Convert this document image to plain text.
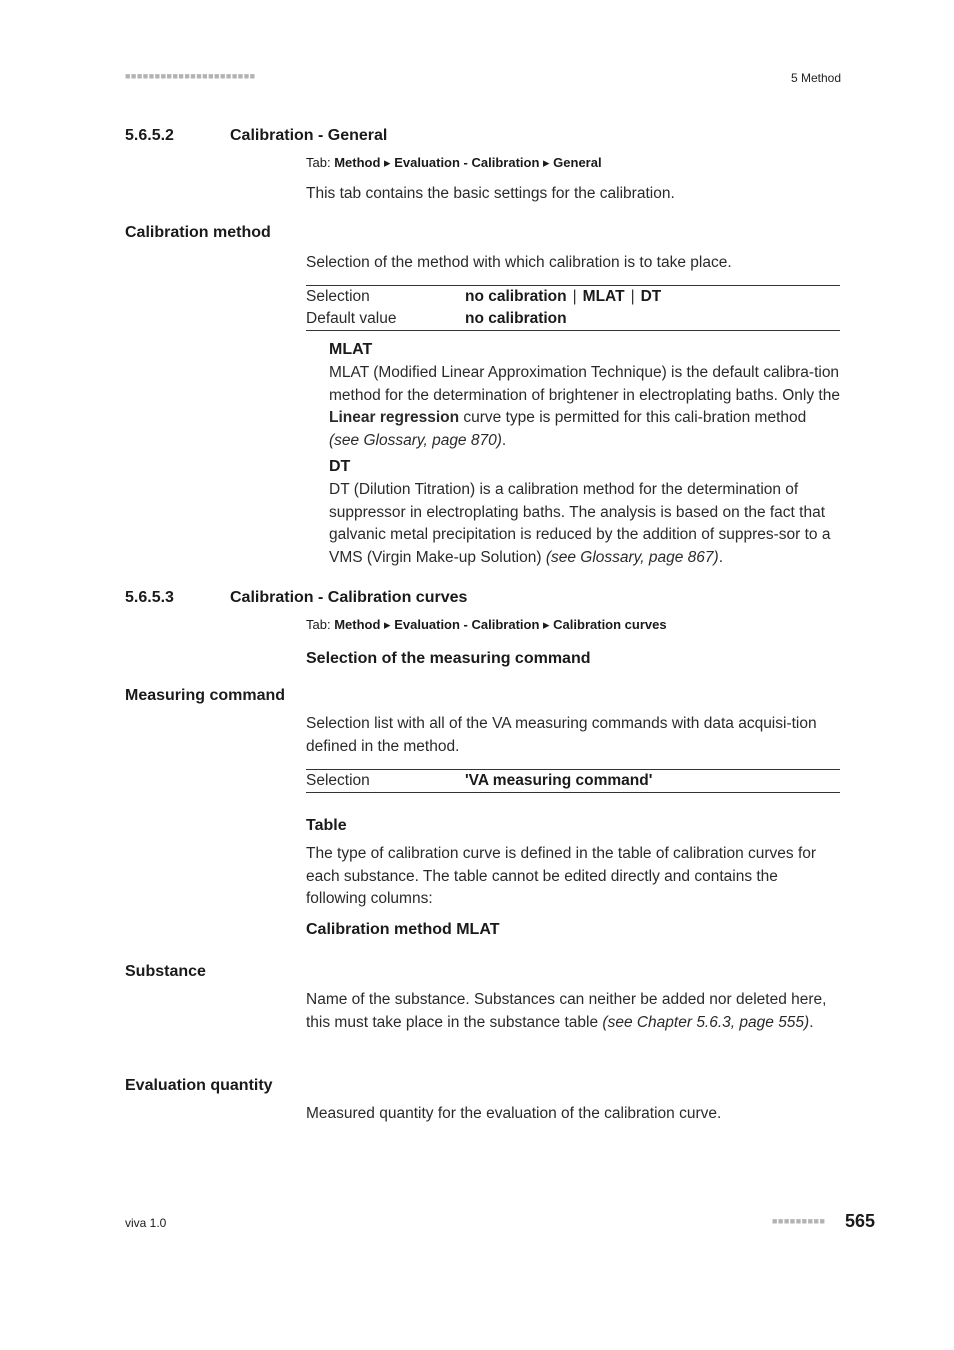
■■■■■■■■■■■■■■■■■■■■■■	5 Method
5.6.5.2	Calibration - General
Tab: Method ▸ Evaluation - Calibration ▸ General
This tab contains the basic settings for the calibration.
Calibration method
Selection of the method with which calibration is to take place.
Selection	no calibration | MLAT | DT
Default value	no calibration
MLAT
MLAT (Modified Linear Approximation Technique) is the default calibra-tion method for the determination of brightener in electroplating baths. Only the Linear regression curve type is permitted for this cali-bration method (see Glossary, page 870).
DT
DT (Dilution Titration) is a calibration method for the determination of suppressor in electroplating baths. The analysis is based on the fact that galvanic metal precipitation is reduced by the addition of suppres-sor to a VMS (Virgin Make-up Solution) (see Glossary, page 867).
5.6.5.3	Calibration - Calibration curves
Tab: Method ▸ Evaluation - Calibration ▸ Calibration curves
Selection of the measuring command
Measuring command
Selection list with all of the VA measuring commands with data acquisi-tion defined in the method.
Selection	'VA measuring command'
Table
The type of calibration curve is defined in the table of calibration curves for each substance. The table cannot be edited directly and contains the following columns:
Calibration method MLAT
Substance
Name of the substance. Substances can neither be added nor deleted here, this must take place in the substance table (see Chapter 5.6.3, page 555).
Evaluation quantity
Measured quantity for the evaluation of the calibration curve.
viva 1.0	■■■■■■■■■ 565
